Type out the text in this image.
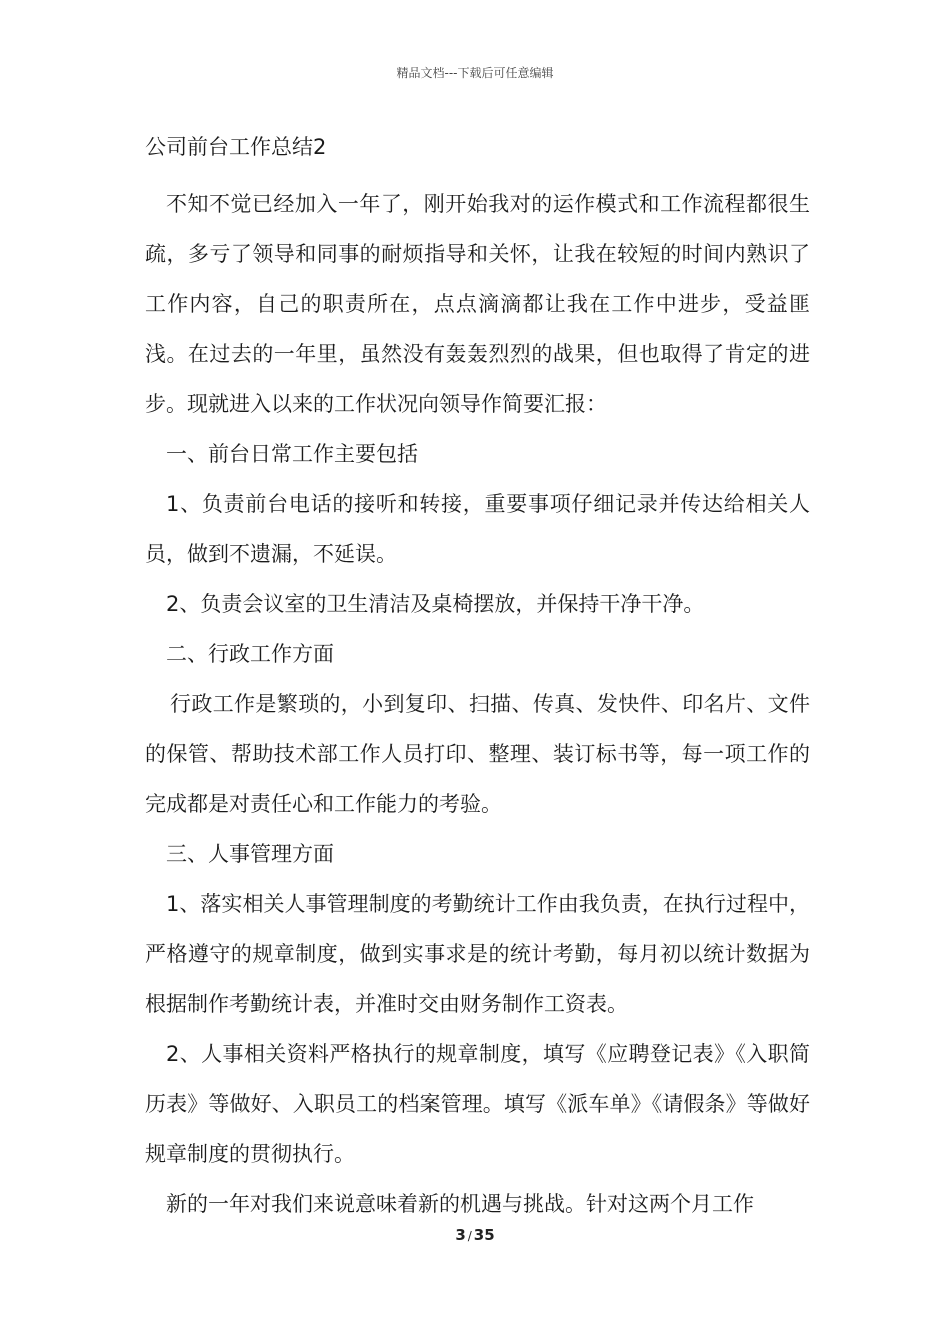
精品文档---下载后可任意编辑
公司前台工作总结2

不知不觉已经加入一年了，刚开始我对的运作模式和工作流程都很生疏，多亏了领导和同事的耐烦指导和关怀，让我在较短的时间内熟识了工作内容，自己的职责所在，点点滴滴都让我在工作中进步，受益匪浅。在过去的一年里，虽然没有轰轰烈烈的战果，但也取得了肯定的进步。现就进入以来的工作状况向领导作简要汇报：

一、前台日常工作主要包括

1、负责前台电话的接听和转接，重要事项仔细记录并传达给相关人员，做到不遗漏，不延误。

2、负责会议室的卫生清洁及桌椅摆放，并保持干净干净。

二、行政工作方面

行政工作是繁琐的，小到复印、扫描、传真、发快件、印名片、文件的保管、帮助技术部工作人员打印、整理、装订标书等，每一项工作的完成都是对责任心和工作能力的考验。

三、人事管理方面

1、落实相关人事管理制度的考勤统计工作由我负责，在执行过程中，严格遵守的规章制度，做到实事求是的统计考勤，每月初以统计数据为根据制作考勤统计表，并准时交由财务制作工资表。

2、人事相关资料严格执行的规章制度，填写《应聘登记表》《入职简历表》等做好、入职员工的档案管理。填写《派车单》《请假条》等做好规章制度的贯彻执行。

新的一年对我们来说意味着新的机遇与挑战。针对这两个月工作

3 / 35
